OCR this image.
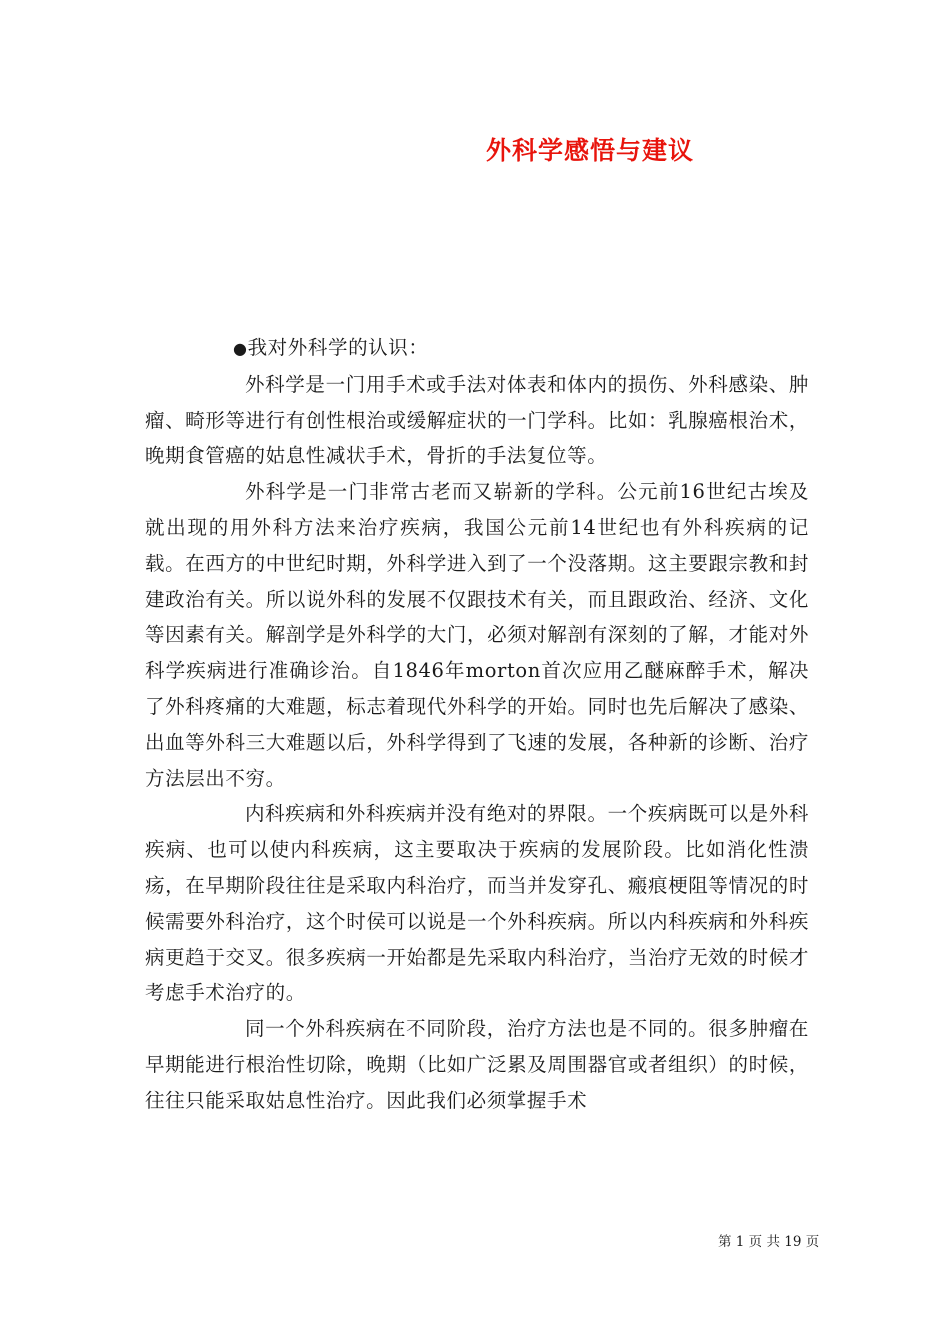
外科学感悟与建议

●我对外科学的认识：

外科学是一门用手术或手法对体表和体内的损伤、外科感染、肿瘤、畸形等进行有创性根治或缓解症状的一门学科。比如：乳腺癌根治术，晚期食管癌的姑息性减状手术，骨折的手法复位等。

外科学是一门非常古老而又崭新的学科。公元前16世纪古埃及就出现的用外科方法来治疗疾病，我国公元前14世纪也有外科疾病的记载。在西方的中世纪时期，外科学进入到了一个没落期。这主要跟宗教和封建政治有关。所以说外科的发展不仅跟技术有关，而且跟政治、经济、文化等因素有关。解剖学是外科学的大门，必须对解剖有深刻的了解，才能对外科学疾病进行准确诊治。自1846年morton首次应用乙醚麻醉手术，解决了外科疼痛的大难题，标志着现代外科学的开始。同时也先后解决了感染、出血等外科三大难题以后，外科学得到了飞速的发展，各种新的诊断、治疗方法层出不穷。

内科疾病和外科疾病并没有绝对的界限。一个疾病既可以是外科疾病、也可以使内科疾病，这主要取决于疾病的发展阶段。比如消化性溃疡，在早期阶段往往是采取内科治疗，而当并发穿孔、瘢痕梗阻等情况的时候需要外科治疗，这个时侯可以说是一个外科疾病。所以内科疾病和外科疾病更趋于交叉。很多疾病一开始都是先采取内科治疗，当治疗无效的时候才考虑手术治疗的。

同一个外科疾病在不同阶段，治疗方法也是不同的。很多肿瘤在早期能进行根治性切除，晚期（比如广泛累及周围器官或者组织）的时候，往往只能采取姑息性治疗。因此我们必须掌握手术

第 1 页 共 19 页
